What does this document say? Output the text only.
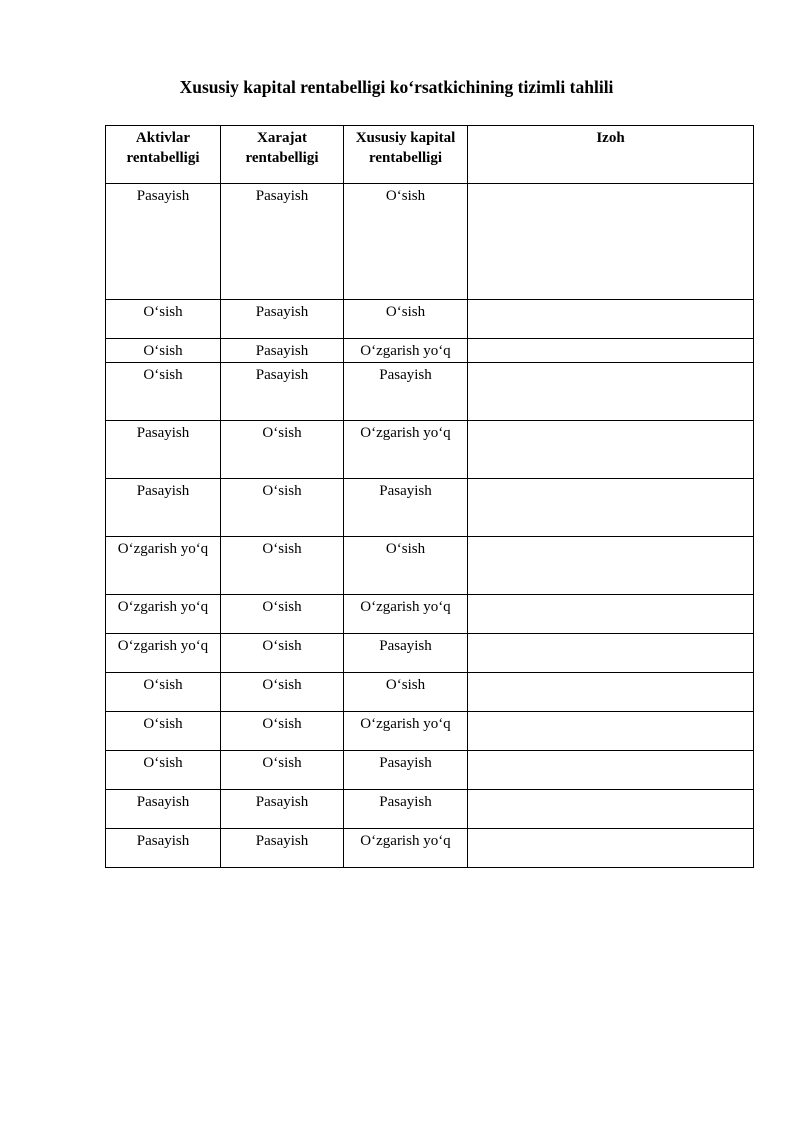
Xususiy kapital rentabelligi koʻrsatkichining tizimli tahlili
Aktivlar rentabelligi	Xarajat rentabelligi	Xususiy kapital rentabelligi	Izoh
Pasayish	Pasayish	Oʻsish	
Oʻsish	Pasayish	Oʻsish	
Oʻsish	Pasayish	Oʻzgarish yoʻq	
Oʻsish	Pasayish	Pasayish	
Pasayish	Oʻsish	Oʻzgarish yoʻq	
Pasayish	Oʻsish	Pasayish	
Oʻzgarish yoʻq	Oʻsish	Oʻsish	
Oʻzgarish yoʻq	Oʻsish	Oʻzgarish yoʻq	
Oʻzgarish yoʻq	Oʻsish	Pasayish	
Oʻsish	Oʻsish	Oʻsish	
Oʻsish	Oʻsish	Oʻzgarish yoʻq	
Oʻsish	Oʻsish	Pasayish	
Pasayish	Pasayish	Pasayish	
Pasayish	Pasayish	Oʻzgarish yoʻq	
